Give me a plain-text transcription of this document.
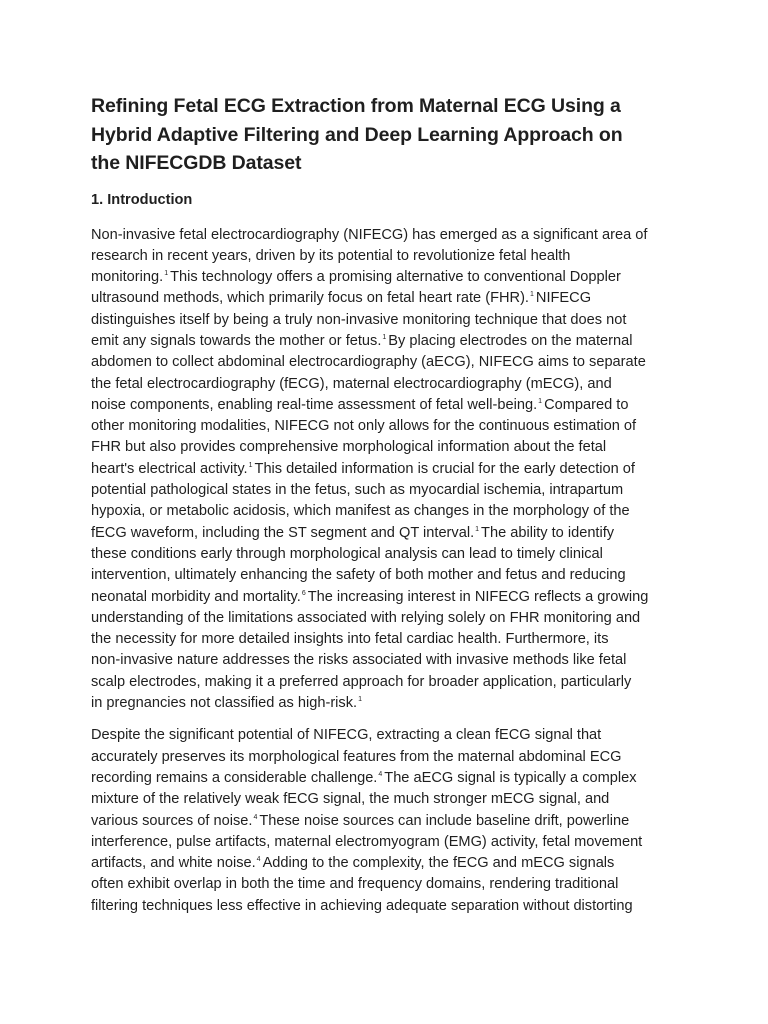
Refining Fetal ECG Extraction from Maternal ECG Using a
Hybrid Adaptive Filtering and Deep Learning Approach on
the NIFECGDB Dataset
1. Introduction

Non-invasive fetal electrocardiography (NIFECG) has emerged as a significant area of
research in recent years, driven by its potential to revolutionize fetal health
monitoring.$^1$ This technology offers a promising alternative to conventional Doppler
ultrasound methods, which primarily focus on fetal heart rate (FHR).$^1$ NIFECG
distinguishes itself by being a truly non-invasive monitoring technique that does not
emit any signals towards the mother or fetus.$^1$ By placing electrodes on the maternal
abdomen to collect abdominal electrocardiography (aECG), NIFECG aims to separate
the fetal electrocardiography (fECG), maternal electrocardiography (mECG), and
noise components, enabling real-time assessment of fetal well-being.$^1$ Compared to
other monitoring modalities, NIFECG not only allows for the continuous estimation of
FHR but also provides comprehensive morphological information about the fetal
heart's electrical activity.$^1$ This detailed information is crucial for the early detection of
potential pathological states in the fetus, such as myocardial ischemia, intrapartum
hypoxia, or metabolic acidosis, which manifest as changes in the morphology of the
fECG waveform, including the ST segment and QT interval.$^1$ The ability to identify
these conditions early through morphological analysis can lead to timely clinical
intervention, ultimately enhancing the safety of both mother and fetus and reducing
neonatal morbidity and mortality.$^6$ The increasing interest in NIFECG reflects a growing
understanding of the limitations associated with relying solely on FHR monitoring and
the necessity for more detailed insights into fetal cardiac health. Furthermore, its
non-invasive nature addresses the risks associated with invasive methods like fetal
scalp electrodes, making it a preferred approach for broader application, particularly
in pregnancies not classified as high-risk.$^1$

Despite the significant potential of NIFECG, extracting a clean fECG signal that
accurately preserves its morphological features from the maternal abdominal ECG
recording remains a considerable challenge.$^4$ The aECG signal is typically a complex
mixture of the relatively weak fECG signal, the much stronger mECG signal, and
various sources of noise.$^4$ These noise sources can include baseline drift, powerline
interference, pulse artifacts, maternal electromyogram (EMG) activity, fetal movement
artifacts, and white noise.$^4$ Adding to the complexity, the fECG and mECG signals
often exhibit overlap in both the time and frequency domains, rendering traditional
filtering techniques less effective in achieving adequate separation without distorting
